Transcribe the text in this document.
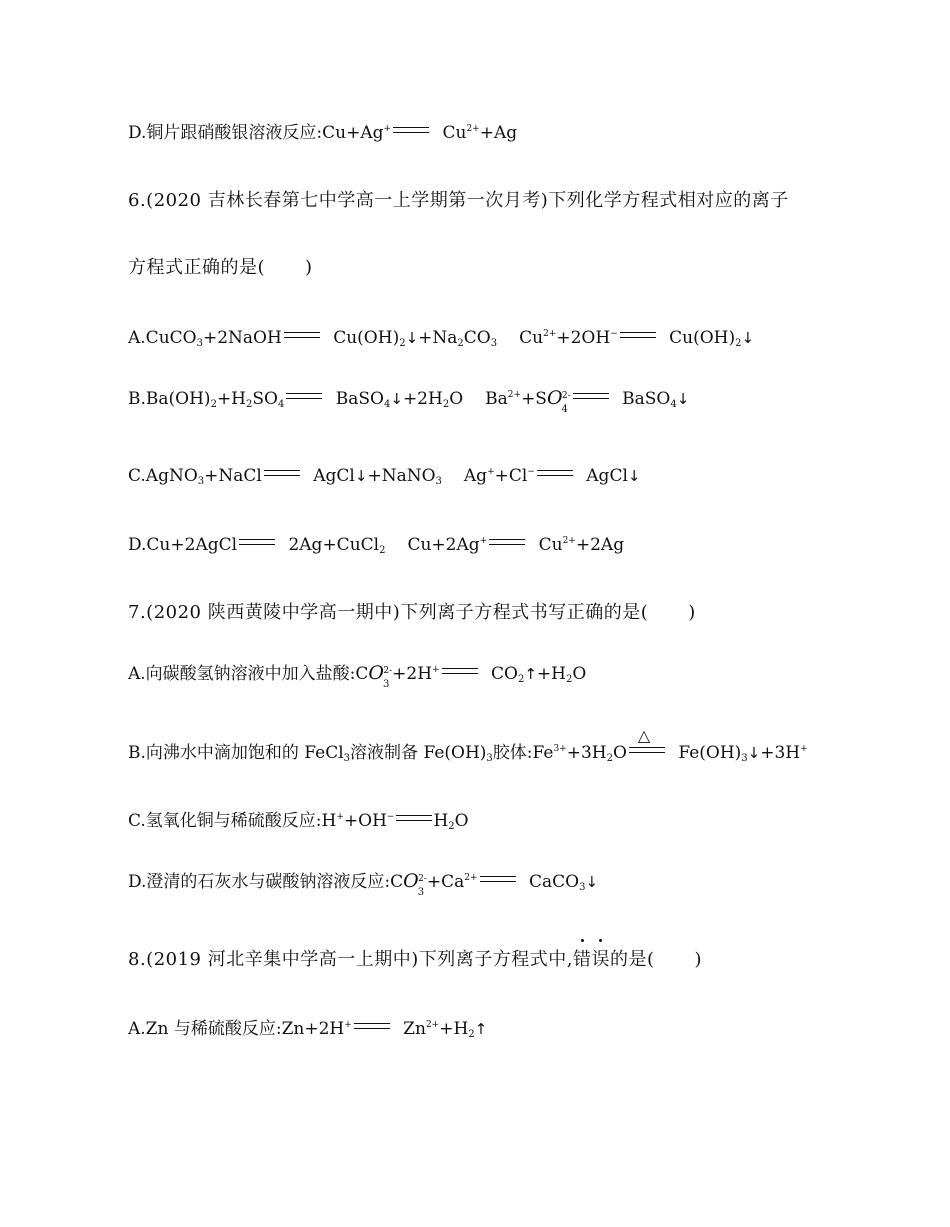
D.铜片跟硝酸银溶液反应:Cu+Ag+	$Cu^{2+}+Ag$
6.(2020 吉林长春第七中学高一上学期第一次月考)下列化学方程式相对应的离子
方程式正确的是( )
A.CuCO$_3$+2NaOH	$Cu(OH)_2↓+Na_2CO_3$ $Cu^{2+}+2OH^-$	$Cu(OH)_2↓$
$B.Ba(OH)_2+H_2SO_4$	$BaSO_4↓+2H_2O$ $Ba^{2+}+SO_4^{2-}$	BaSO$_4$↓
C.AgNO$_3$+NaCl	AgCl↓+NaNO$_3$ Ag++Cl−	AgCl↓
D.Cu+2AgCl	2Ag+CuCl$_2$ Cu+2Ag+	$Cu^{2+}+2Ag$
7.(2020 陕西黄陵中学高一期中)下列离子方程式书写正确的是( )
A.向碳酸氢钠溶液中加入盐酸$:CO_3^{2-}+2H^+$	$CO_2↑+H_2O$
B.向沸水中滴加饱和的 FeCl$_3$溶液制备 $Fe(OH)_3$胶体$:Fe^{3+}+3H_2O$
△
$Fe(OH)_3↓+3H^+$
C.氢氧化铜与稀硫酸反应:H++OH− $H_2O$
D.澄清的石灰水与碳酸钠溶液反应$:CO_3^{2-}+Ca^{2+}$	CaCO$_3$↓
8.(2019 河北辛集中学高一上期中)下列离子方程式中,错误的是( )
A.Zn 与稀硫酸反应:Zn+2H+	$Zn^{2+}+H_2↑$
